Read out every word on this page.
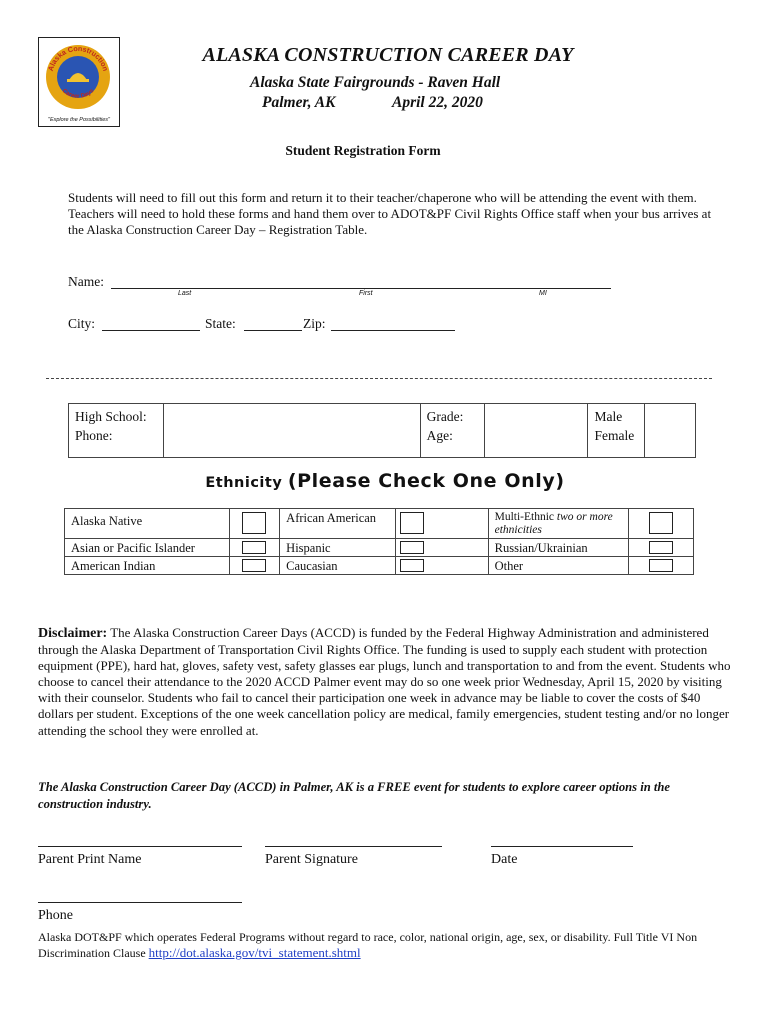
Alaska Construction
Career Days
"Explore the Possibilities"
ALASKA CONSTRUCTION CAREER DAY
Alaska State Fairgrounds - Raven Hall
Palmer, AK	April 22, 2020
Student Registration Form
Students will need to fill out this form and return it to their teacher/chaperone who will be attending the event with them. Teachers will need to hold these forms and hand them over to ADOT&PF Civil Rights Office staff when your bus arrives at the Alaska Construction Career Day – Registration Table.
Name:
Last	First	MI
City:	State:	Zip:
High School:
Phone:

Grade:
Age:

Male
Female

Ethnicity (Please Check One Only)
Alaska Native		African American		Multi-Ethnic two or more ethnicities	

Asian or Pacific Islander		Hispanic		Russian/Ukrainian	

American Indian		Caucasian		Other	

Disclaimer: The Alaska Construction Career Days (ACCD) is funded by the Federal Highway Administration and administered through the Alaska Department of Transportation Civil Rights Office. The funding is used to supply each student with protection equipment (PPE), hard hat, gloves, safety vest, safety glasses ear plugs, lunch and transportation to and from the event. Students who choose to cancel their attendance to the 2020 ACCD Palmer event may do so one week prior Wednesday, April 15, 2020 by visiting with their counselor. Students who fail to cancel their participation one week in advance may be liable to cover the costs of $40 dollars per student. Exceptions of the one week cancellation policy are medical, family emergencies, student testing and/or no longer attending the school they were enrolled at.
The Alaska Construction Career Day (ACCD) in Palmer, AK is a FREE event for students to explore career options in the construction industry.
Parent Print Name	Parent Signature	Date
Phone
Alaska DOT&PF which operates Federal Programs without regard to race, color, national origin, age, sex, or disability. Full Title VI Non Discrimination Clause http://dot.alaska.gov/tvi_statement.shtml
